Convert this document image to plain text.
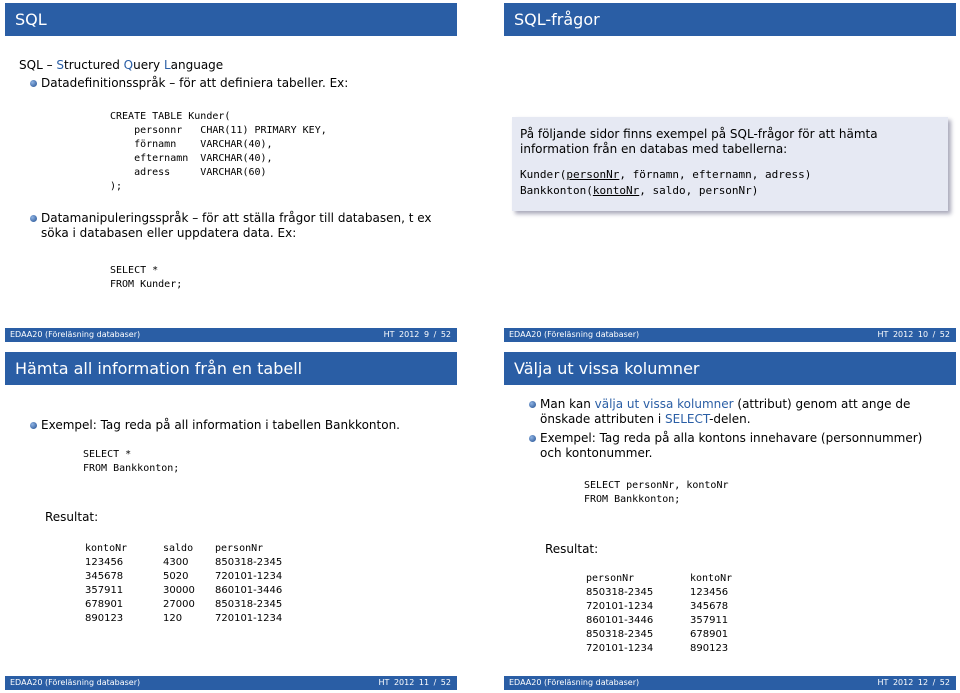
SQL
SQL – Structured Query Language
Datadefinitionsspråk – för att definiera tabeller. Ex:
CREATE TABLE Kunder(
personnr   CHAR(11) PRIMARY KEY,
förnamn    VARCHAR(40),
efternamn  VARCHAR(40),
adress     VARCHAR(60)
);
Datamanipuleringsspråk – för att ställa frågor till databasen, t ex söka i databasen eller uppdatera data. Ex:
SELECT *
FROM Kunder;
EDAA20 (Föreläsning databaser)	HT 2012 9 / 52
SQL-frågor
EDAA20 (Föreläsning databaser)	HT 2012 10 / 52
På följande sidor finns exempel på SQL-frågor för att hämta information från en databas med tabellerna:
Kunder(personNr, förnamn, efternamn, adress)
Bankkonton(kontoNr, saldo, personNr)
Hämta all information från en tabell
Exempel: Tag reda på all information i tabellen Bankkonton.
SELECT *
FROM Bankkonton;
Resultat:
kontoNr	saldo	personNr
123456	4300	850318-2345
345678	5020	720101-1234
357911	30000	860101-3446
678901	27000	850318-2345
890123	120	720101-1234
EDAA20 (Föreläsning databaser)	HT 2012 11 / 52
Välja ut vissa kolumner
Man kan välja ut vissa kolumner (attribut) genom att ange de önskade attributen i SELECT-delen.
Exempel: Tag reda på alla kontons innehavare (personnummer) och kontonummer.
SELECT personNr, kontoNr
FROM Bankkonton;
Resultat:
personNr	kontoNr
850318-2345	123456
720101-1234	345678
860101-3446	357911
850318-2345	678901
720101-1234	890123
EDAA20 (Föreläsning databaser)	HT 2012 12 / 52
